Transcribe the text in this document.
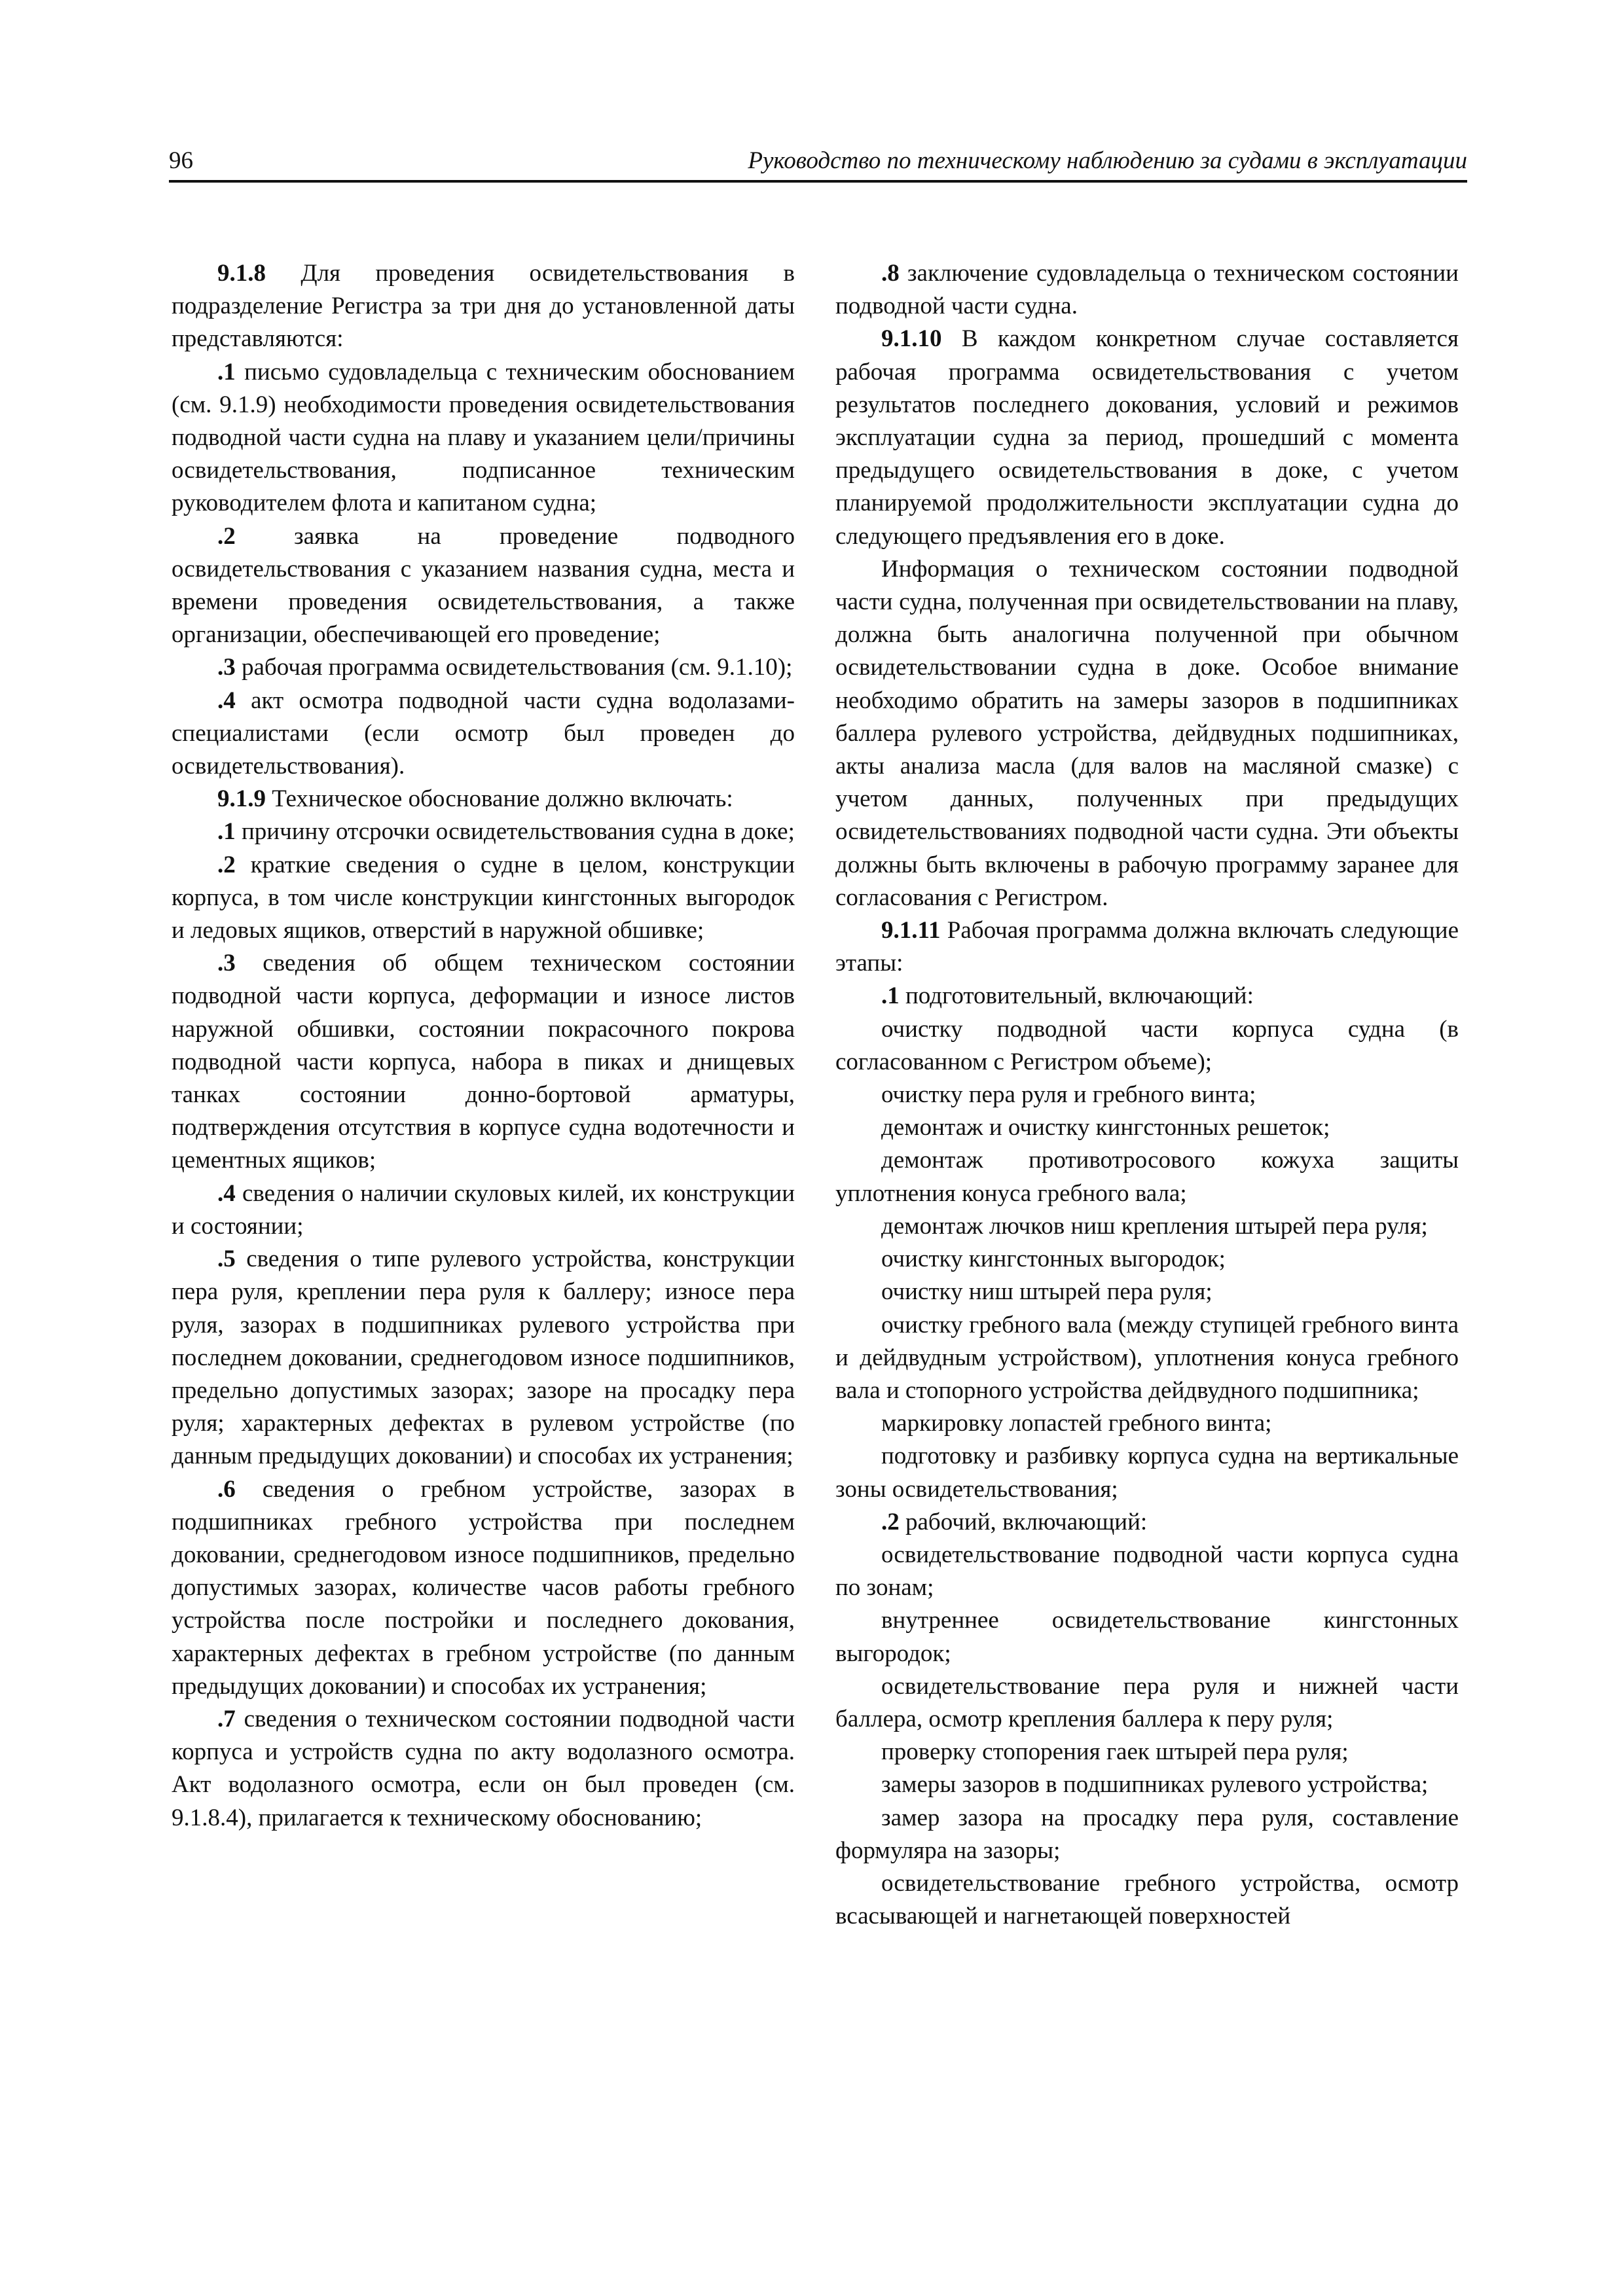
96	Руководство по техническому наблюдению за судами в эксплуатации

9.1.8 Для проведения освидетельствования в подразделение Регистра за три дня до установленной даты представляются:

.1 письмо судовладельца с техническим обоснованием (см. 9.1.9) необходимости проведения освидетельствования подводной части судна на плаву и указанием цели/причины освидетельствования, подписанное техническим руководителем флота и капитаном судна;

.2 заявка на проведение подводного освидетельствования с указанием названия судна, места и времени проведения освидетельствования, а также организации, обеспечивающей его проведение;

.3 рабочая программа освидетельствования (см. 9.1.10);

.4 акт осмотра подводной части судна водолазами-специалистами (если осмотр был проведен до освидетельствования).

9.1.9 Техническое обоснование должно включать:

.1 причину отсрочки освидетельствования судна в доке;

.2 краткие сведения о судне в целом, конструкции корпуса, в том числе конструкции кингстонных выгородок и ледовых ящиков, отверстий в наружной обшивке;

.3 сведения об общем техническом состоянии подводной части корпуса, деформации и износе листов наружной обшивки, состоянии покрасочного покрова подводной части корпуса, набора в пиках и днищевых танках состоянии донно-бортовой арматуры, подтверждения отсутствия в корпусе судна водотечности и цементных ящиков;

.4 сведения о наличии скуловых килей, их конструкции и состоянии;

.5 сведения о типе рулевого устройства, конструкции пера руля, креплении пера руля к баллеру; износе пера руля, зазорах в подшипниках рулевого устройства при последнем доковании, среднегодовом износе подшипников, предельно допустимых зазорах; зазоре на просадку пера руля; характерных дефектах в рулевом устройстве (по данным предыдущих доковании) и способах их устранения;

.6 сведения о гребном устройстве, зазорах в подшипниках гребного устройства при последнем доковании, среднегодовом износе подшипников, предельно допустимых зазорах, количестве часов работы гребного устройства после постройки и последнего докования, характерных дефектах в гребном устройстве (по данным предыдущих доковании) и способах их устранения;

.7 сведения о техническом состоянии подводной части корпуса и устройств судна по акту водолазного осмотра. Акт водолазного осмотра, если он был проведен (см. 9.1.8.4), прилагается к техническому обоснованию;

.8 заключение судовладельца о техническом состоянии подводной части судна.

9.1.10 В каждом конкретном случае составляется рабочая программа освидетельствования с учетом результатов последнего докования, условий и режимов эксплуатации судна за период, прошедший с момента предыдущего освидетельствования в доке, с учетом планируемой продолжительности эксплуатации судна до следующего предъявления его в доке.

Информация о техническом состоянии подводной части судна, полученная при освидетельствовании на плаву, должна быть аналогична полученной при обычном освидетельствовании судна в доке. Особое внимание необходимо обратить на замеры зазоров в подшипниках баллера рулевого устройства, дейдвудных подшипниках, акты анализа масла (для валов на масляной смазке) с учетом данных, полученных при предыдущих освидетельствованиях подводной части судна. Эти объекты должны быть включены в рабочую программу заранее для согласования с Регистром.

9.1.11 Рабочая программа должна включать следующие этапы:

.1 подготовительный, включающий:

очистку подводной части корпуса судна (в согласованном с Регистром объеме);

очистку пера руля и гребного винта;

демонтаж и очистку кингстонных решеток;

демонтаж противотросового кожуха защиты уплотнения конуса гребного вала;

демонтаж лючков ниш крепления штырей пера руля;

очистку кингстонных выгородок;

очистку ниш штырей пера руля;

очистку гребного вала (между ступицей гребного винта и дейдвудным устройством), уплотнения конуса гребного вала и стопорного устройства дейдвудного подшипника;

маркировку лопастей гребного винта;

подготовку и разбивку корпуса судна на вертикальные зоны освидетельствования;

.2 рабочий, включающий:

освидетельствование подводной части корпуса судна по зонам;

внутреннее освидетельствование кингстонных выгородок;

освидетельствование пера руля и нижней части баллера, осмотр крепления баллера к перу руля;

проверку стопорения гаек штырей пера руля;

замеры зазоров в подшипниках рулевого устройства;

замер зазора на просадку пера руля, составление формуляра на зазоры;

освидетельствование гребного устройства, осмотр всасывающей и нагнетающей поверхностей
